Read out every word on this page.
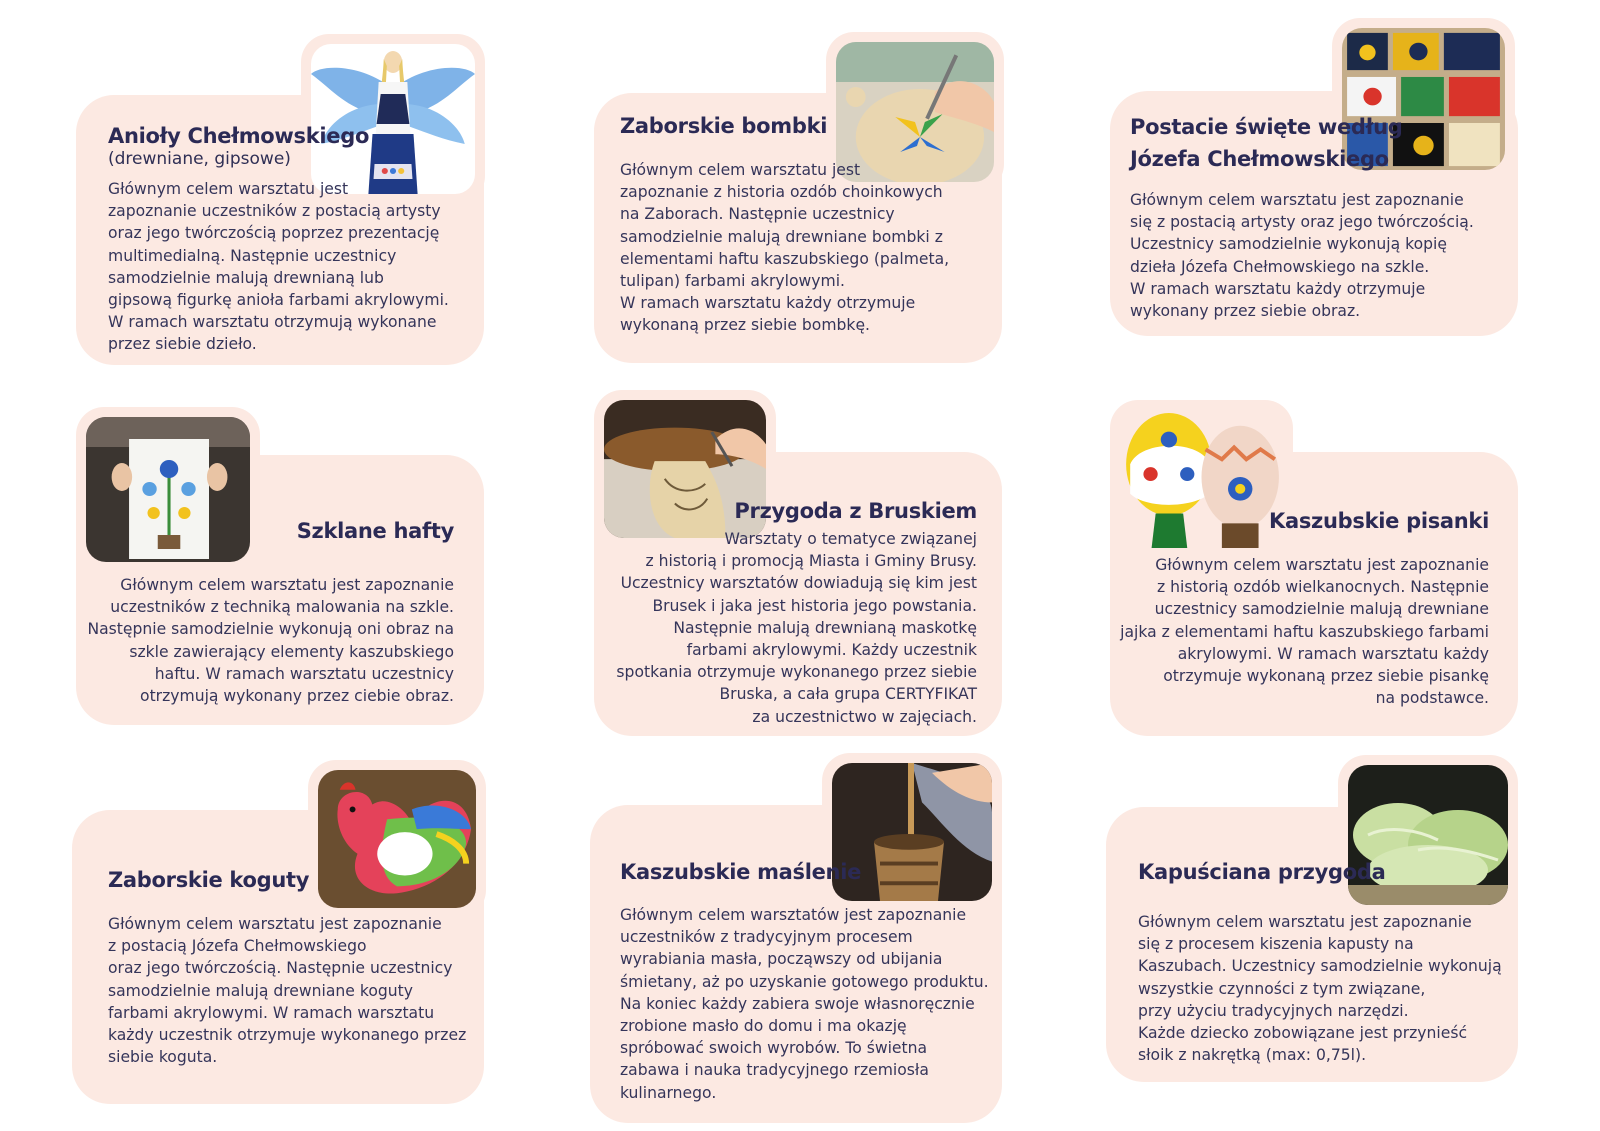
Anioły Chełmowskiego

(drewniane, gipsowe)

Głównym celem warsztatu jest
zapoznanie uczestników z postacią artysty
oraz jego twórczością poprzez prezentację
multimedialną. Następnie uczestnicy
samodzielnie malują drewnianą lub
gipsową figurkę anioła farbami akrylowymi.
W ramach warsztatu otrzymują wykonane
przez siebie dzieło.

Zaborskie bombki

Głównym celem warsztatu jest
zapoznanie z historia ozdób choinkowych
na Zaborach. Następnie uczestnicy
samodzielnie malują drewniane bombki z
elementami haftu kaszubskiego (palmeta,
tulipan) farbami akrylowymi.
W ramach warsztatu każdy otrzymuje
wykonaną przez siebie bombkę.

Postacie święte według
Józefa Chełmowskiego

Głównym celem warsztatu jest zapoznanie
się z postacią artysty oraz jego twórczością.
Uczestnicy samodzielnie wykonują kopię
dzieła Józefa Chełmowskiego na szkle.
W ramach warsztatu każdy otrzymuje
wykonany przez siebie obraz.

Szklane hafty

Głównym celem warsztatu jest zapoznanie
uczestników z techniką malowania na szkle.
Następnie samodzielnie wykonują oni obraz na
szkle zawierający elementy kaszubskiego
haftu. W ramach warsztatu uczestnicy
otrzymują wykonany przez ciebie obraz.

Przygoda z Bruskiem

Warsztaty o tematyce związanej
z historią i promocją Miasta i Gminy Brusy.
Uczestnicy warsztatów dowiadują się kim jest
Brusek i jaka jest historia jego powstania.
Następnie malują drewnianą maskotkę
farbami akrylowymi. Każdy uczestnik
spotkania otrzymuje wykonanego przez siebie
Bruska, a cała grupa CERTYFIKAT
za uczestnictwo w zajęciach.

Kaszubskie pisanki

Głównym celem warsztatu jest zapoznanie
z historią ozdób wielkanocnych. Następnie
uczestnicy samodzielnie malują drewniane
jajka z elementami haftu kaszubskiego farbami
akrylowymi. W ramach warsztatu każdy
otrzymuje wykonaną przez siebie pisankę
na podstawce.

Zaborskie koguty

Głównym celem warsztatu jest zapoznanie
z postacią Józefa Chełmowskiego
oraz jego twórczością. Następnie uczestnicy
samodzielnie malują drewniane koguty
farbami akrylowymi. W ramach warsztatu
każdy uczestnik otrzymuje wykonanego przez
siebie koguta.

Kaszubskie maślenie

Głównym celem warsztatów jest zapoznanie
uczestników z tradycyjnym procesem
wyrabiania masła, począwszy od ubijania
śmietany, aż po uzyskanie gotowego produktu.
Na koniec każdy zabiera swoje własnoręcznie
zrobione masło do domu i ma okazję
spróbować swoich wyrobów. To świetna
zabawa i nauka tradycyjnego rzemiosła
kulinarnego.

Kapuściana przygoda

Głównym celem warsztatu jest zapoznanie
się z procesem kiszenia kapusty na
Kaszubach. Uczestnicy samodzielnie wykonują
wszystkie czynności z tym związane,
przy użyciu tradycyjnych narzędzi.
Każde dziecko zobowiązane jest przynieść
słoik z nakrętką (max: 0,75l).
